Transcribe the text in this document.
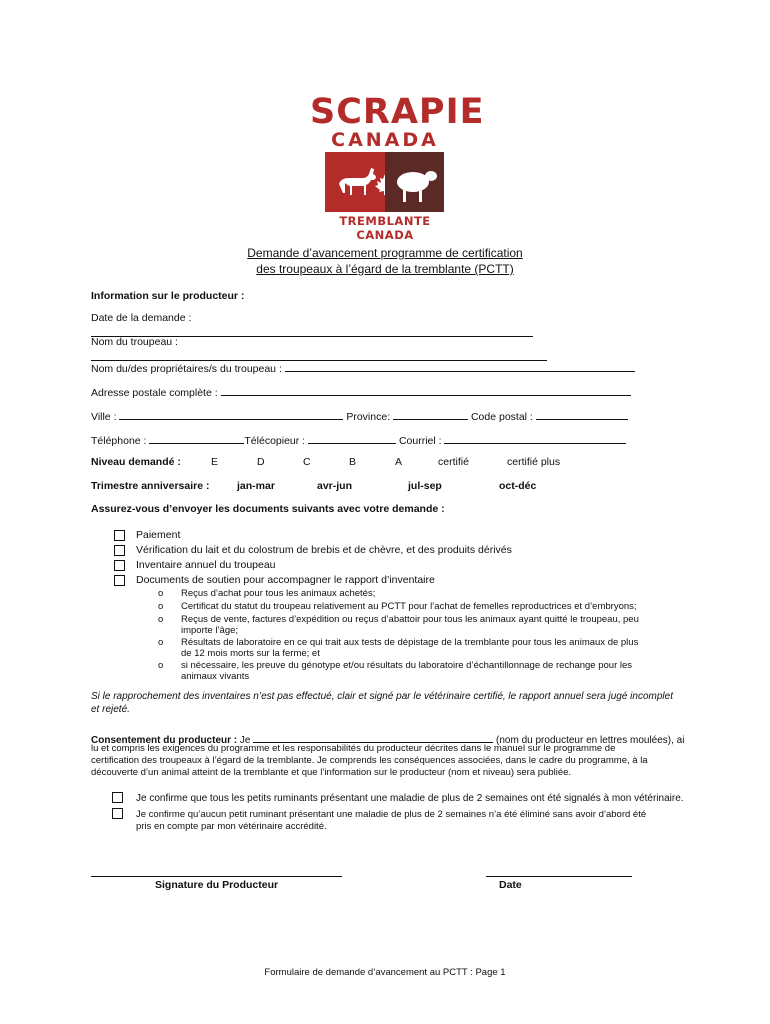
SCRAPIE
CANADA
TREMBLANTE CANADA
Demande d’avancement programme de certification
des troupeaux à l’égard de la tremblante (PCTT)
Information sur le producteur :
Date de la demande :
Nom du troupeau :
Nom du/des propriétaires/s du troupeau :
Adresse postale complète :
Ville :	Province:	Code postal :
Téléphone :	Télécopieur :	Courriel :
Niveau demandé :	E	D	C	B	A	certifié	certifié plus
Trimestre anniversaire :	jan-mar	avr-jun	jul-sep	oct-déc
Assurez-vous d’envoyer les documents suivants avec votre demande :
Paiement
Vérification du lait et du colostrum de brebis et de chèvre, et des produits dérivés
Inventaire annuel du troupeau
Documents de soutien pour accompagner le rapport d’inventaire
o Reçus d’achat pour tous les animaux achetés;
o Certificat du statut du troupeau relativement au PCTT pour l’achat de femelles reproductrices et d’embryons;
o Reçus de vente, factures d’expédition ou reçus d’abattoir pour tous les animaux ayant quitté le troupeau, peu
importe l’âge;
o Résultats de laboratoire en ce qui trait aux tests de dépistage de la tremblante pour tous les animaux de plus
de 12 mois morts sur la ferme; et
o si nécessaire, les preuve du génotype et/ou résultats du laboratoire d’échantillonnage de rechange pour les
animaux vivants
Si le rapprochement des inventaires n’est pas effectué, clair et signé par le vétérinaire certifié, le rapport annuel sera jugé incomplet
et rejeté.
Consentement du producteur : Je	(nom du producteur en lettres moulées), ai
lu et compris les exigences du programme et les responsabilités du producteur décrites dans le manuel sur le programme de
certification des troupeaux à l’égard de la tremblante. Je comprends les conséquences associées, dans le cadre du programme, à la
découverte d’un animal atteint de la tremblante et que l’information sur le producteur (nom et niveau) sera publiée.
Je confirme que tous les petits ruminants présentant une maladie de plus de 2 semaines ont été signalés à mon vétérinaire.
Je confirme qu’aucun petit ruminant présentant une maladie de plus de 2 semaines n’a été éliminé sans avoir d’abord été
pris en compte par mon vétérinaire accrédité.
Signature du Producteur	Date
Formulaire de demande d’avancement au PCTT : Page 1
